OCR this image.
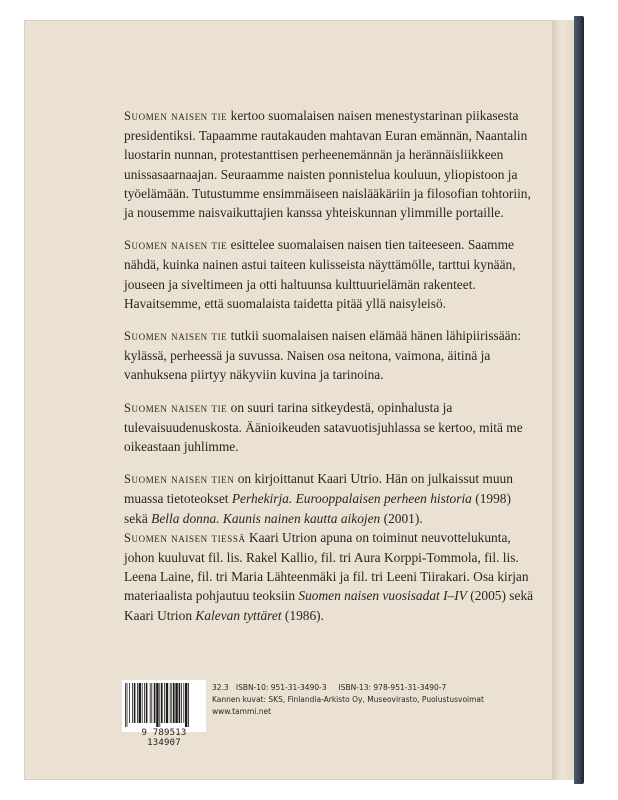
Suomen naisen tie kertoo suomalaisen naisen menestystarinan piikasesta presidentiksi. Tapaamme rautakauden mahtavan Euran emännän, Naantalin luostarin nunnan, protestanttisen perheenemännän ja herännäisliikkeen unissasaarnaajan. Seuraamme naisten ponnistelua kouluun, yliopistoon ja työelämään. Tutustumme ensimmäiseen naislääkäriin ja filosofian tohtoriin, ja nousemme naisvaikuttajien kanssa yhteiskunnan ylimmille portaille.

Suomen naisen tie esittelee suomalaisen naisen tien taiteeseen. Saamme nähdä, kuinka nainen astui taiteen kulisseista näyttämölle, tarttui kynään, jouseen ja siveltimeen ja otti haltuunsa kulttuurielämän rakenteet. Havaitsemme, että suomalaista taidetta pitää yllä naisyleisö.

Suomen naisen tie tutkii suomalaisen naisen elämää hänen lähipiirissään: kylässä, perheessä ja suvussa. Naisen osa neitona, vaimona, äitinä ja vanhuksena piirtyy näkyviin kuvina ja tarinoina.

Suomen naisen tie on suuri tarina sitkeydestä, opinhalusta ja tulevaisuudenuskosta. Äänioikeuden satavuotisjuhlassa se kertoo, mitä me oikeastaan juhlimme.

Suomen naisen tien on kirjoittanut Kaari Utrio. Hän on julkaissut muun muassa tietoteokset Perhekirja. Eurooppalaisen perheen historia (1998) sekä Bella donna. Kaunis nainen kautta aikojen (2001).

Suomen naisen tiessä Kaari Utrion apuna on toiminut neuvottelukunta, johon kuuluvat fil. lis. Rakel Kallio, fil. tri Aura Korppi-Tommola, fil. lis. Leena Laine, fil. tri Maria Lähteenmäki ja fil. tri Leeni Tiirakari. Osa kirjan materiaalista pohjautuu teoksiin Suomen naisen vuosisadat I–IV (2005) sekä Kaari Utrion Kalevan tyttäret (1986).

9 789513 134907
32.3 ISBN-10: 951-31-3490-3 ISBN-13: 978-951-31-3490-7
Kannen kuvat: SKS, Finlandia-Arkisto Oy, Museovirasto, Puolustusvoimat
www.tammi.net
